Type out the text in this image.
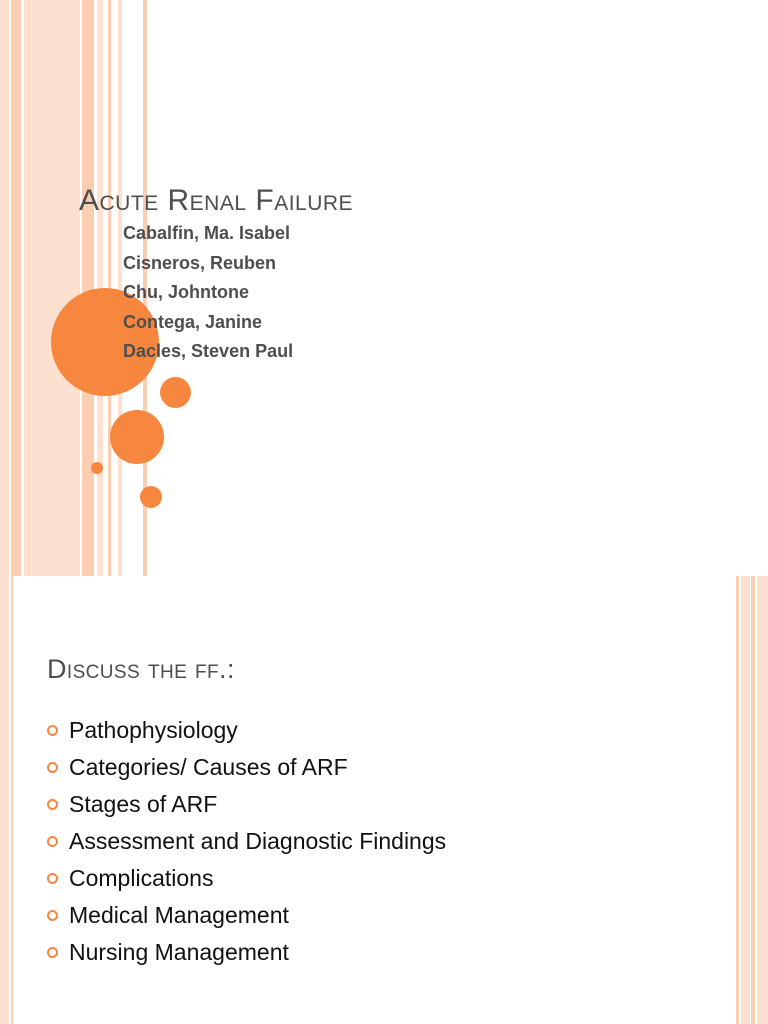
Acute Renal Failure
Cabalfin, Ma. Isabel
Cisneros, Reuben
Chu, Johntone
Contega, Janine
Dacles, Steven Paul
Discuss the ff.:
Pathophysiology
Categories/ Causes of ARF
Stages of ARF
Assessment and Diagnostic Findings
Complications
Medical Management
Nursing Management
